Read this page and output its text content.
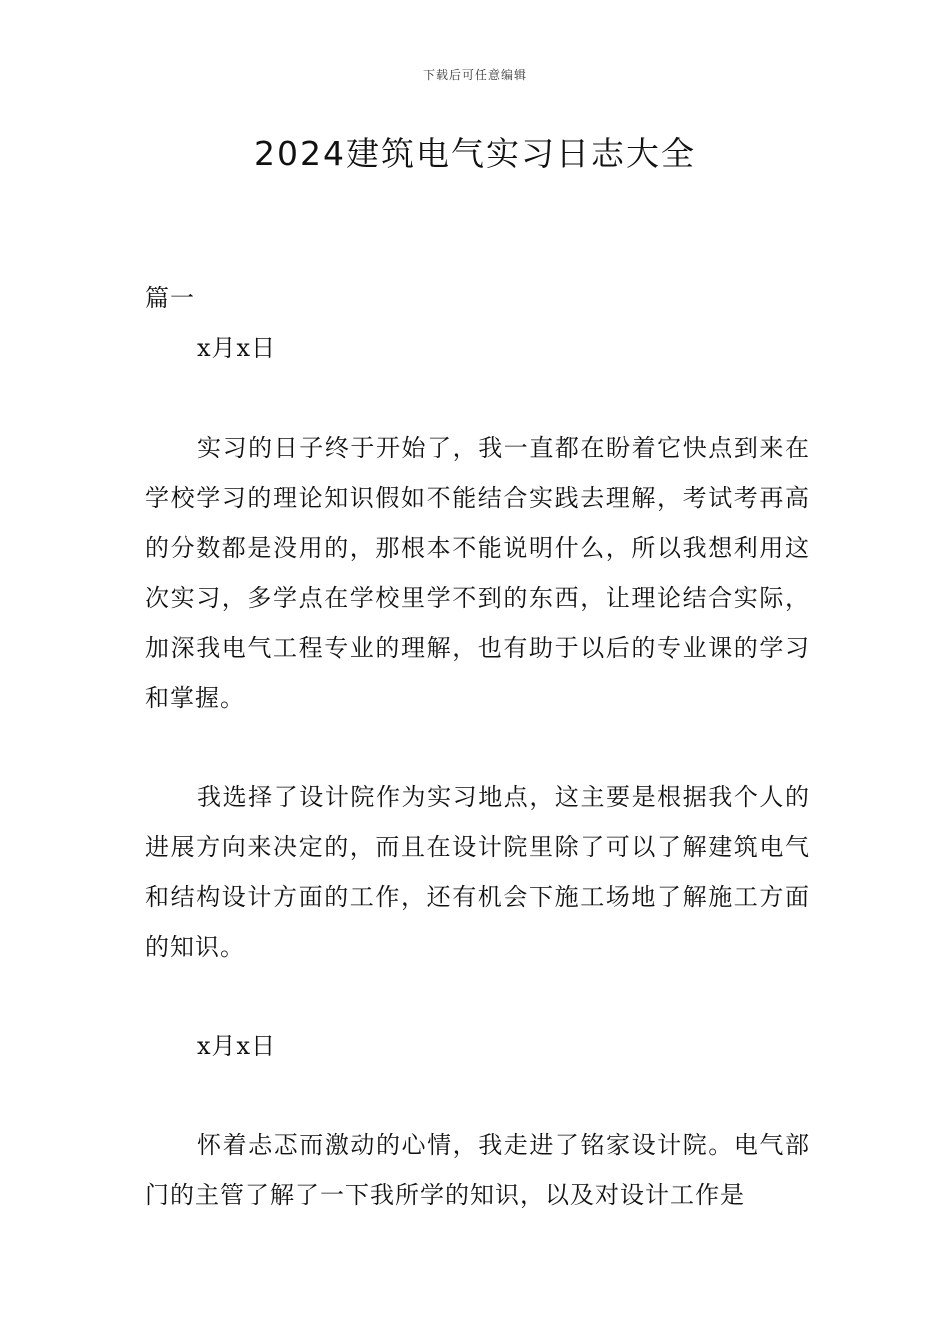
下载后可任意编辑
2024建筑电气实习日志大全
篇一
x月x日

实习的日子终于开始了，我一直都在盼着它快点到来在学校学习的理论知识假如不能结合实践去理解，考试考再高的分数都是没用的，那根本不能说明什么，所以我想利用这次实习，多学点在学校里学不到的东西，让理论结合实际，加深我电气工程专业的理解，也有助于以后的专业课的学习和掌握。

我选择了设计院作为实习地点，这主要是根据我个人的进展方向来决定的，而且在设计院里除了可以了解建筑电气和结构设计方面的工作，还有机会下施工场地了解施工方面的知识。

x月x日

怀着忐忑而激动的心情，我走进了铭家设计院。电气部门的主管了解了一下我所学的知识，以及对设计工作是
